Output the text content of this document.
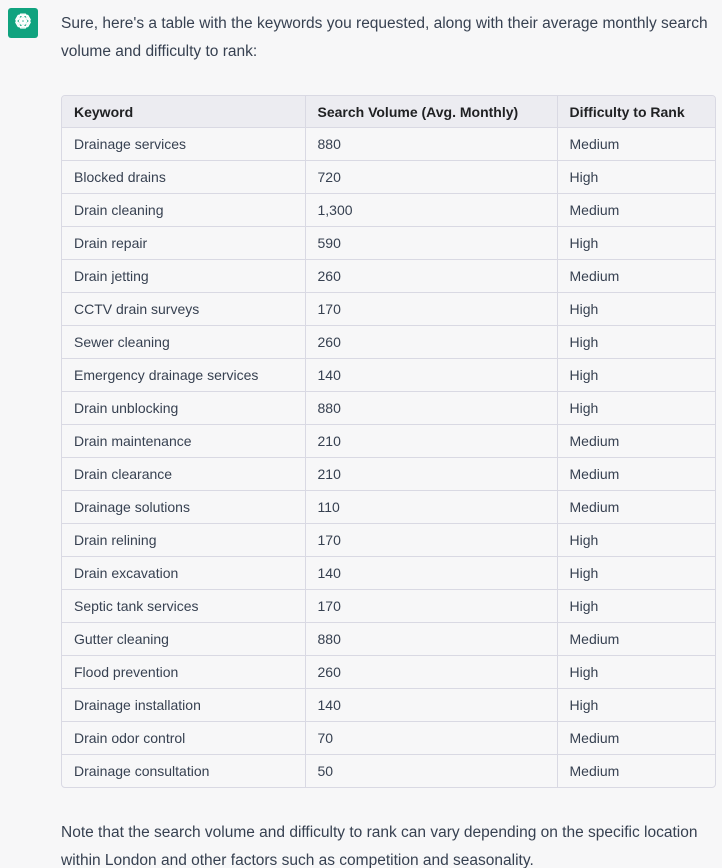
Sure, here's a table with the keywords you requested, along with their average monthly search volume and difficulty to rank:

Keyword	Search Volume (Avg. Monthly)	Difficulty to Rank
Drainage services	880	Medium
Blocked drains	720	High
Drain cleaning	1,300	Medium
Drain repair	590	High
Drain jetting	260	Medium
CCTV drain surveys	170	High
Sewer cleaning	260	High
Emergency drainage services	140	High
Drain unblocking	880	High
Drain maintenance	210	Medium
Drain clearance	210	Medium
Drainage solutions	110	Medium
Drain relining	170	High
Drain excavation	140	High
Septic tank services	170	High
Gutter cleaning	880	Medium
Flood prevention	260	High
Drainage installation	140	High
Drain odor control	70	Medium
Drainage consultation	50	Medium

Note that the search volume and difficulty to rank can vary depending on the specific location within London and other factors such as competition and seasonality.
